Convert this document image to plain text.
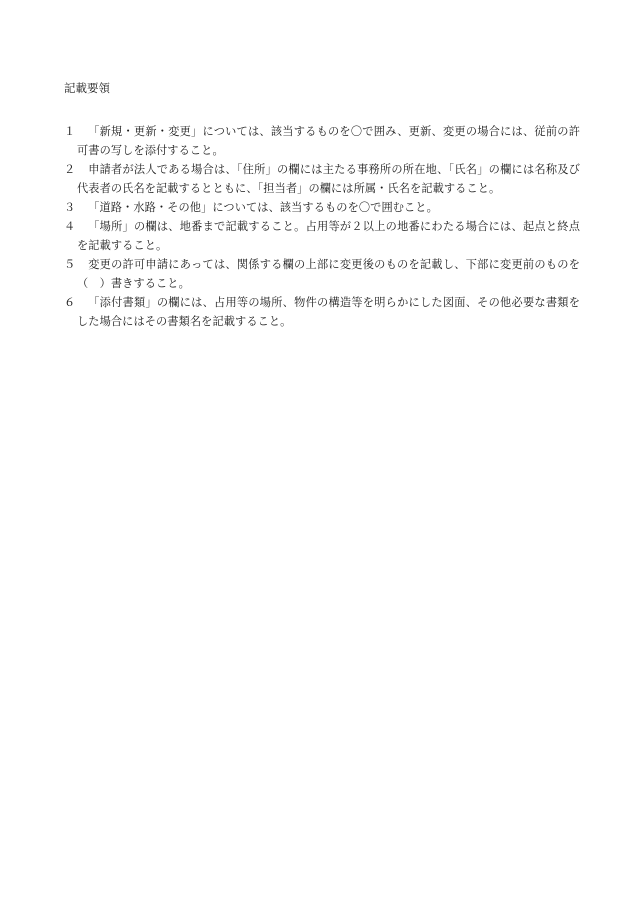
記載要領
１	「新規・更新・変更」については、該当するものを〇で囲み、更新、変更の場合には、従前の許可書の写しを添付すること。
２	申請者が法人である場合は、「住所」の欄には主たる事務所の所在地、「氏名」の欄には名称及び代表者の氏名を記載するとともに、「担当者」の欄には所属・氏名を記載すること。
３	「道路・水路・その他」については、該当するものを〇で囲むこと。
４	「場所」の欄は、地番まで記載すること。占用等が２以上の地番にわたる場合には、起点と終点を記載すること。
５	変更の許可申請にあっては、関係する欄の上部に変更後のものを記載し、下部に変更前のものを（　）書きすること。
６	「添付書類」の欄には、占用等の場所、物件の構造等を明らかにした図面、その他必要な書類をした場合にはその書類名を記載すること。
